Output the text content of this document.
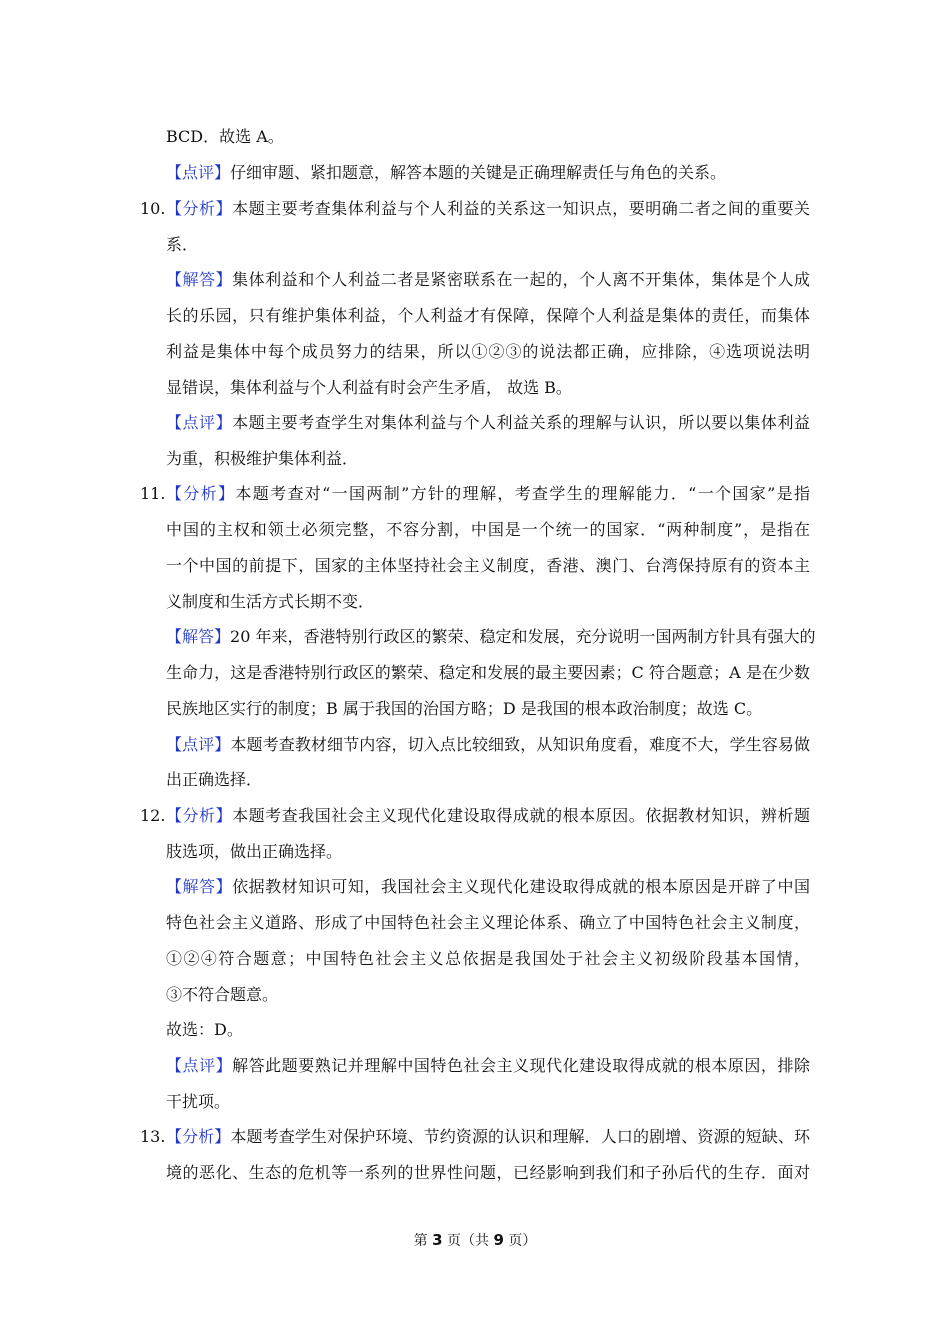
BCD．故选 A。
【点评】仔细审题、紧扣题意，解答本题的关键是正确理解责任与角色的关系。
10. 【分析】本题主要考查集体利益与个人利益的关系这一知识点，要明确二者之间的重要关
系．
【解答】集体利益和个人利益二者是紧密联系在一起的，个人离不开集体，集体是个人成
长的乐园，只有维护集体利益，个人利益才有保障，保障个人利益是集体的责任，而集体
利益是集体中每个成员努力的结果，所以①②③的说法都正确，应排除，④选项说法明
显错误，集体利益与个人利益有时会产生矛盾， 故选 B。
【点评】本题主要考查学生对集体利益与个人利益关系的理解与认识，所以要以集体利益
为重，积极维护集体利益．
11. 【分析】本题考查对“一国两制”方针的理解，考查学生的理解能力．“一个国家”是指
中国的主权和领土必须完整，不容分割，中国是一个统一的国家．“两种制度”，是指在
一个中国的前提下，国家的主体坚持社会主义制度，香港、澳门、台湾保持原有的资本主
义制度和生活方式长期不变．
【解答】20 年来，香港特别行政区的繁荣、稳定和发展，充分说明一国两制方针具有强大的
生命力，这是香港特别行政区的繁荣、稳定和发展的最主要因素；C 符合题意；A 是在少数
民族地区实行的制度；B 属于我国的治国方略；D 是我国的根本政治制度；故选 C。
【点评】本题考查教材细节内容，切入点比较细致，从知识角度看，难度不大，学生容易做
出正确选择．
12. 【分析】本题考查我国社会主义现代化建设取得成就的根本原因。依据教材知识，辨析题
肢选项，做出正确选择。
【解答】依据教材知识可知，我国社会主义现代化建设取得成就的根本原因是开辟了中国
特色社会主义道路、形成了中国特色社会主义理论体系、确立了中国特色社会主义制度，
①②④符合题意；中国特色社会主义总依据是我国处于社会主义初级阶段基本国情，
③不符合题意。
故选：D。
【点评】解答此题要熟记并理解中国特色社会主义现代化建设取得成就的根本原因，排除
干扰项。
13. 【分析】本题考查学生对保护环境、节约资源的认识和理解．人口的剧增、资源的短缺、环
境的恶化、生态的危机等一系列的世界性问题，已经影响到我们和子孙后代的生存．面对
第 3 页（共 9 页）
